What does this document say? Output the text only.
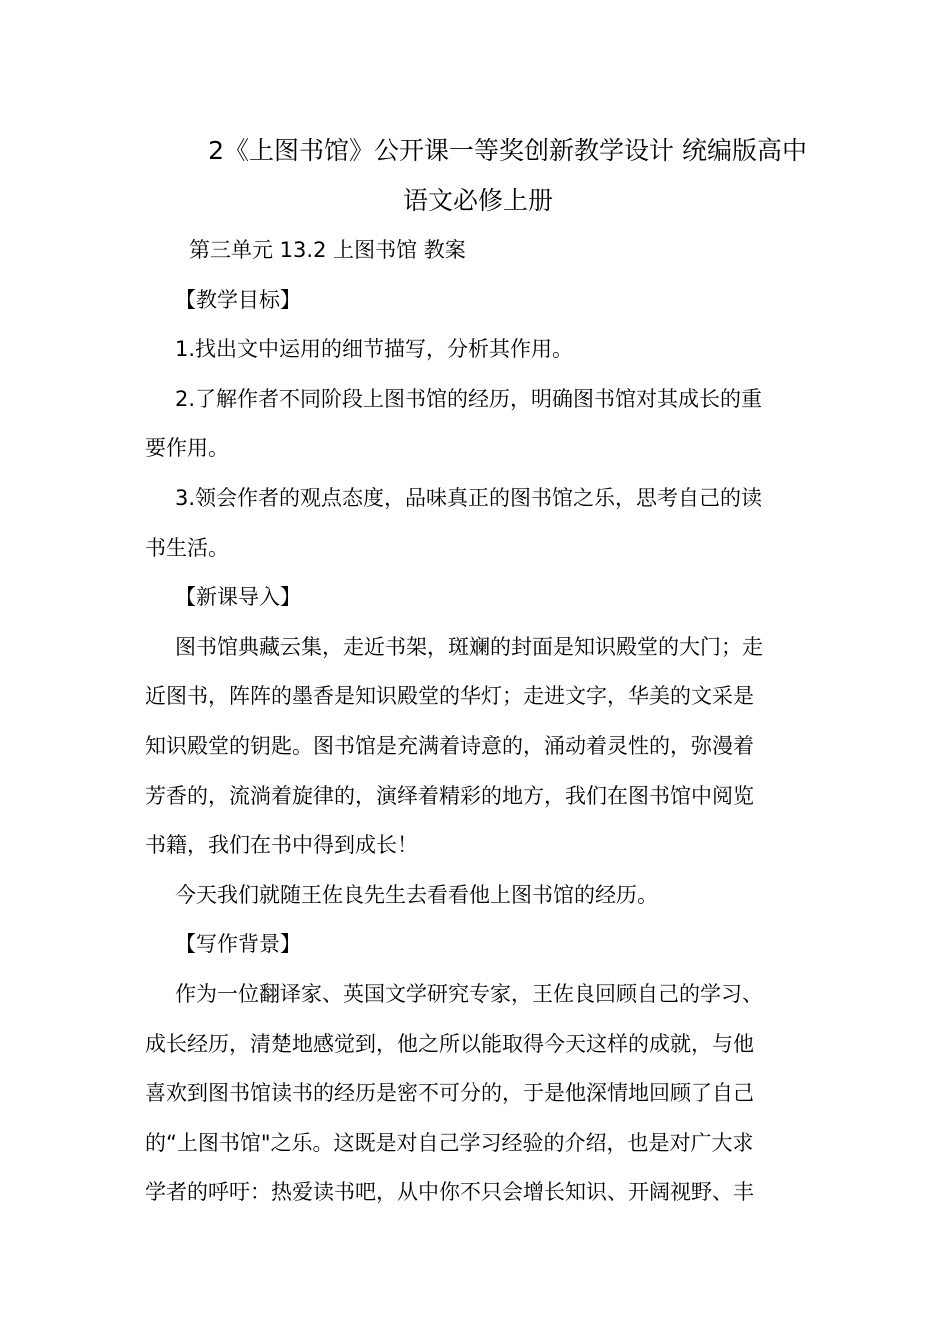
2《上图书馆》公开课一等奖创新教学设计 统编版高中
语文必修上册

第三单元 13.2 上图书馆 教案

【教学目标】

1.找出文中运用的细节描写，分析其作用。

2.了解作者不同阶段上图书馆的经历，明确图书馆对其成长的重

要作用。

3.领会作者的观点态度，品味真正的图书馆之乐，思考自己的读

书生活。

【新课导入】

图书馆典藏云集，走近书架，斑斓的封面是知识殿堂的大门；走

近图书，阵阵的墨香是知识殿堂的华灯；走进文字，华美的文采是

知识殿堂的钥匙。图书馆是充满着诗意的，涌动着灵性的，弥漫着

芳香的，流淌着旋律的，演绎着精彩的地方，我们在图书馆中阅览

书籍，我们在书中得到成长！

今天我们就随王佐良先生去看看他上图书馆的经历。

【写作背景】

作为一位翻译家、英国文学研究专家，王佐良回顾自己的学习、

成长经历，清楚地感觉到，他之所以能取得今天这样的成就，与他

喜欢到图书馆读书的经历是密不可分的，于是他深情地回顾了自己

的“上图书馆"之乐。这既是对自己学习经验的介绍，也是对广大求

学者的呼吁：热爱读书吧，从中你不只会增长知识、开阔视野、丰
